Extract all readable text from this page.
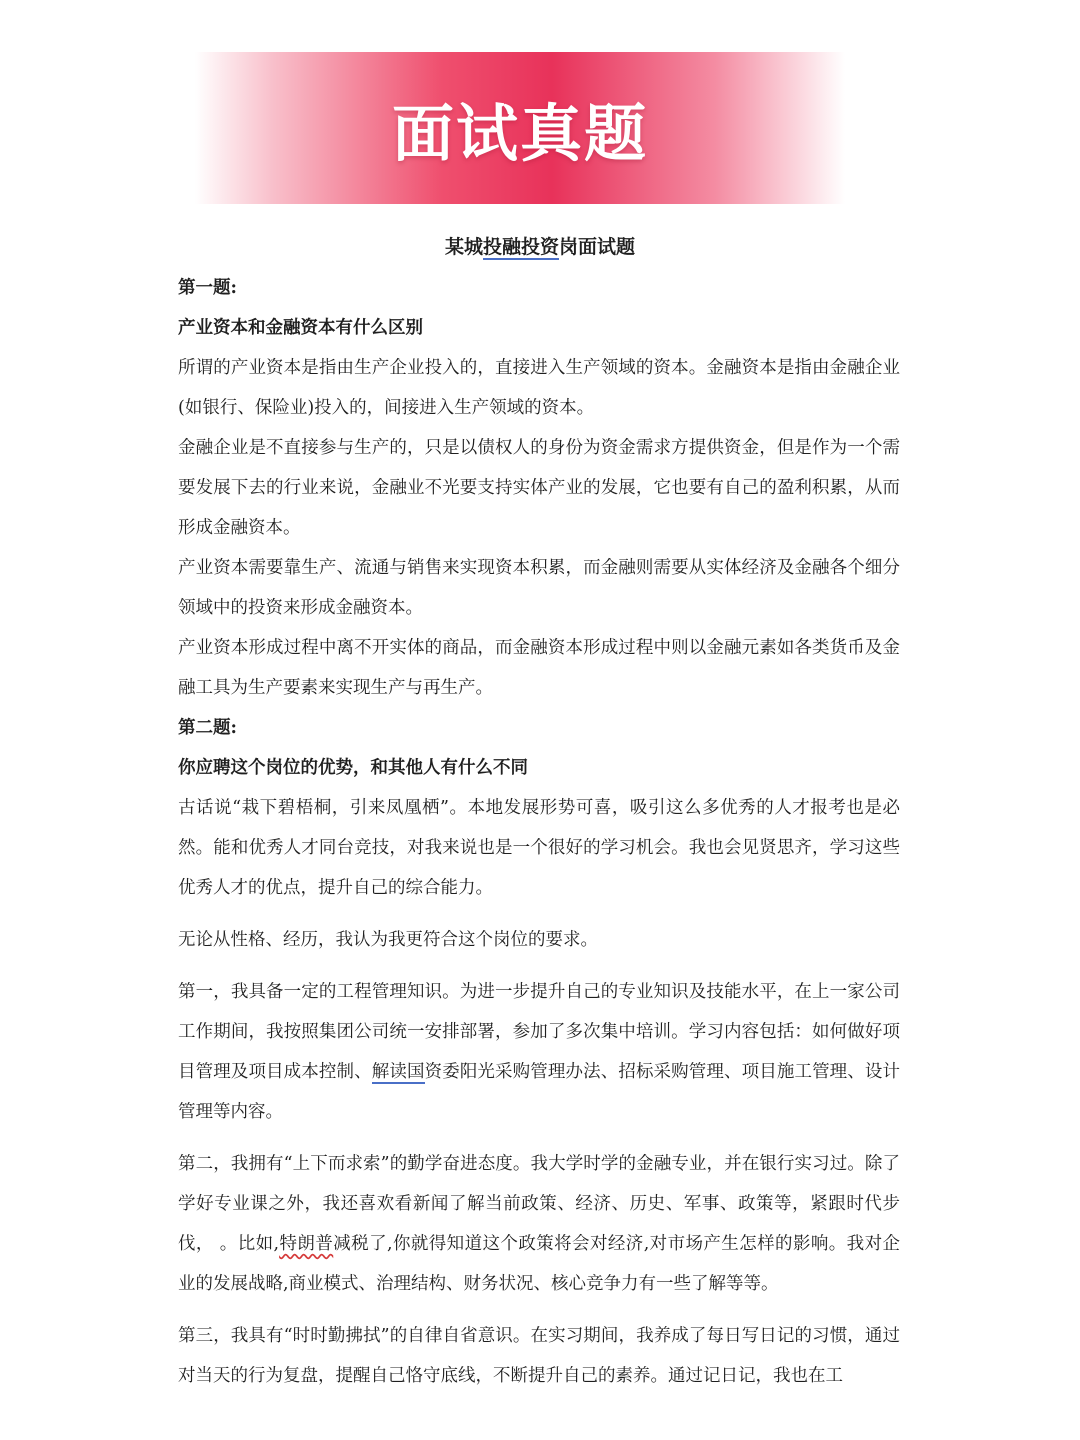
面试真题
某城投融投资岗面试题

第一题:

产业资本和金融资本有什么区别

所谓的产业资本是指由生产企业投入的，直接进入生产领域的资本。金融资本是指由金融企业(如银行、保险业)投入的，间接进入生产领域的资本。

金融企业是不直接参与生产的，只是以债权人的身份为资金需求方提供资金，但是作为一个需要发展下去的行业来说，金融业不光要支持实体产业的发展，它也要有自己的盈利积累，从而形成金融资本。

产业资本需要靠生产、流通与销售来实现资本积累，而金融则需要从实体经济及金融各个细分领域中的投资来形成金融资本。

产业资本形成过程中离不开实体的商品，而金融资本形成过程中则以金融元素如各类货币及金融工具为生产要素来实现生产与再生产。

第二题:

你应聘这个岗位的优势，和其他人有什么不同

古话说“栽下碧梧桐，引来凤凰栖”。本地发展形势可喜，吸引这么多优秀的人才报考也是必然。能和优秀人才同台竞技，对我来说也是一个很好的学习机会。我也会见贤思齐，学习这些优秀人才的优点，提升自己的综合能力。

无论从性格、经历，我认为我更符合这个岗位的要求。

第一，我具备一定的工程管理知识。为进一步提升自己的专业知识及技能水平，在上一家公司工作期间，我按照集团公司统一安排部署，参加了多次集中培训。学习内容包括：如何做好项目管理及项目成本控制、解读国资委阳光采购管理办法、招标采购管理、项目施工管理、设计管理等内容。

第二，我拥有“上下而求索”的勤学奋进态度。我大学时学的金融专业，并在银行实习过。除了学好专业课之外，我还喜欢看新闻了解当前政策、经济、历史、军事、政策等，紧跟时代步伐， 。比如,特朗普减税了,你就得知道这个政策将会对经济,对市场产生怎样的影响。我对企业的发展战略,商业模式、治理结构、财务状况、核心竞争力有一些了解等等。

第三，我具有“时时勤拂拭”的自律自省意识。在实习期间，我养成了每日写日记的习惯，通过对当天的行为复盘，提醒自己恪守底线，不断提升自己的素养。通过记日记，我也在工
